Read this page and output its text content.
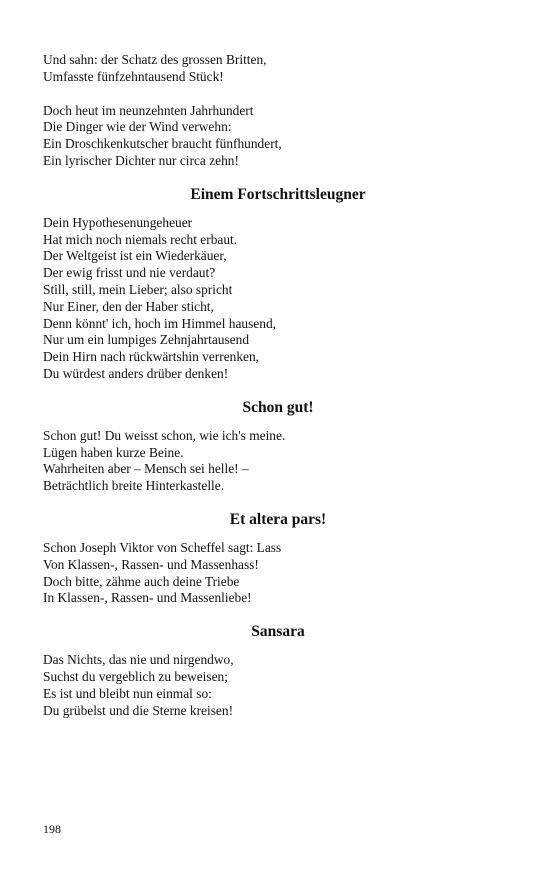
Und sahn: der Schatz des grossen Britten,
Umfasste fünfzehntausend Stück!
Doch heut im neunzehnten Jahrhundert
Die Dinger wie der Wind verwehn:
Ein Droschkenkutscher braucht fünfhundert,
Ein lyrischer Dichter nur circa zehn!
Einem Fortschrittsleugner
Dein Hypothesenungeheuer
Hat mich noch niemals recht erbaut.
Der Weltgeist ist ein Wiederkäuer,
Der ewig frisst und nie verdaut?
Still, still, mein Lieber; also spricht
Nur Einer, den der Haber sticht,
Denn könnt' ich, hoch im Himmel hausend,
Nur um ein lumpiges Zehnjahrtausend
Dein Hirn nach rückwärtshin verrenken,
Du würdest anders drüber denken!
Schon gut!
Schon gut! Du weisst schon, wie ich's meine.
Lügen haben kurze Beine.
Wahrheiten aber – Mensch sei helle! –
Beträchtlich breite Hinterkastelle.
Et altera pars!
Schon Joseph Viktor von Scheffel sagt: Lass
Von Klassen-, Rassen- und Massenhass!
Doch bitte, zähme auch deine Triebe
In Klassen-, Rassen- und Massenliebe!
Sansara
Das Nichts, das nie und nirgendwo,
Suchst du vergeblich zu beweisen;
Es ist und bleibt nun einmal so:
Du grübelst und die Sterne kreisen!
198
